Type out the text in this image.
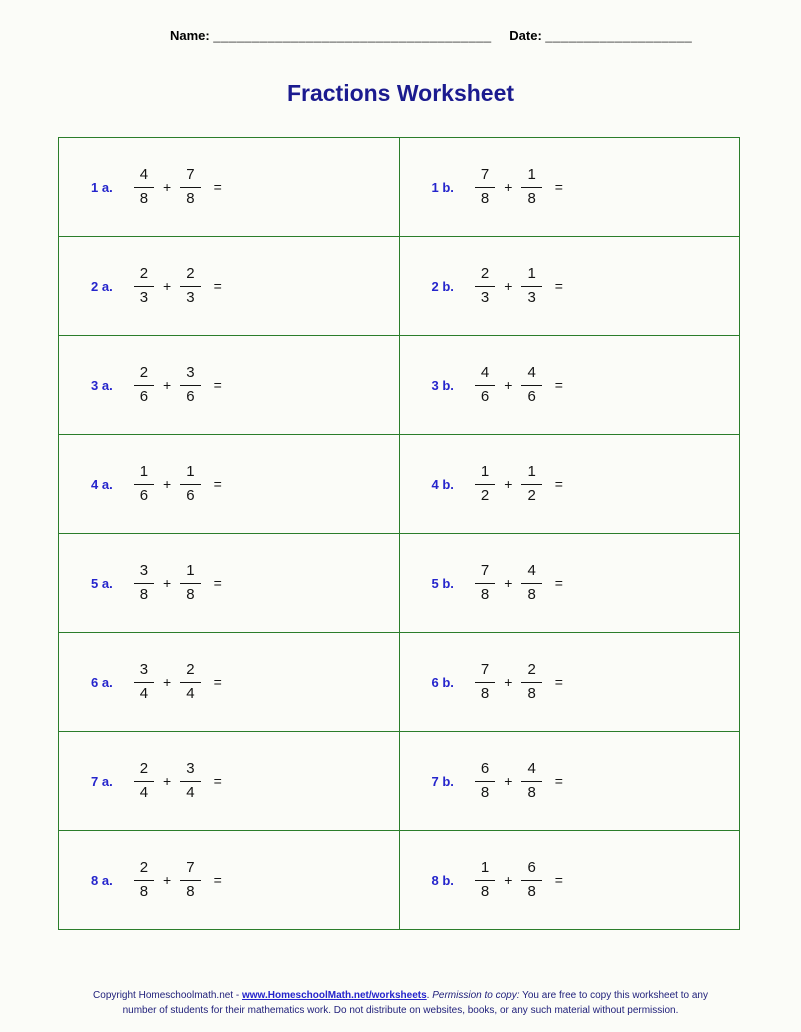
Name: ____________________________________ Date: ___________________
Fractions Worksheet
1 a. $\frac{4}{8} + \frac{7}{8}$ =	1 b. $\frac{7}{8} + \frac{1}{8}$ =
2 a. $\frac{2}{3} + \frac{2}{3}$ =	2 b. $\frac{2}{3} + \frac{1}{3}$ =
3 a. $\frac{2}{6} + \frac{3}{6}$ =	3 b. $\frac{4}{6} + \frac{4}{6}$ =
4 a. $\frac{1}{6} + \frac{1}{6}$ =	4 b. $\frac{1}{2} + \frac{1}{2}$ =
5 a. $\frac{3}{8} + \frac{1}{8}$ =	5 b. $\frac{7}{8} + \frac{4}{8}$ =
6 a. $\frac{3}{4} + \frac{2}{4}$ =	6 b. $\frac{7}{8} + \frac{2}{8}$ =
7 a. $\frac{2}{4} + \frac{3}{4}$ =	7 b. $\frac{6}{8} + \frac{4}{8}$ =
8 a. $\frac{2}{8} + \frac{7}{8}$ =	8 b. $\frac{1}{8} + \frac{6}{8}$ =
Copyright Homeschoolmath.net - www.HomeschoolMath.net/worksheets. Permission to copy: You are free to copy this worksheet to any number of students for their mathematics work. Do not distribute on websites, books, or any such material without permission.
